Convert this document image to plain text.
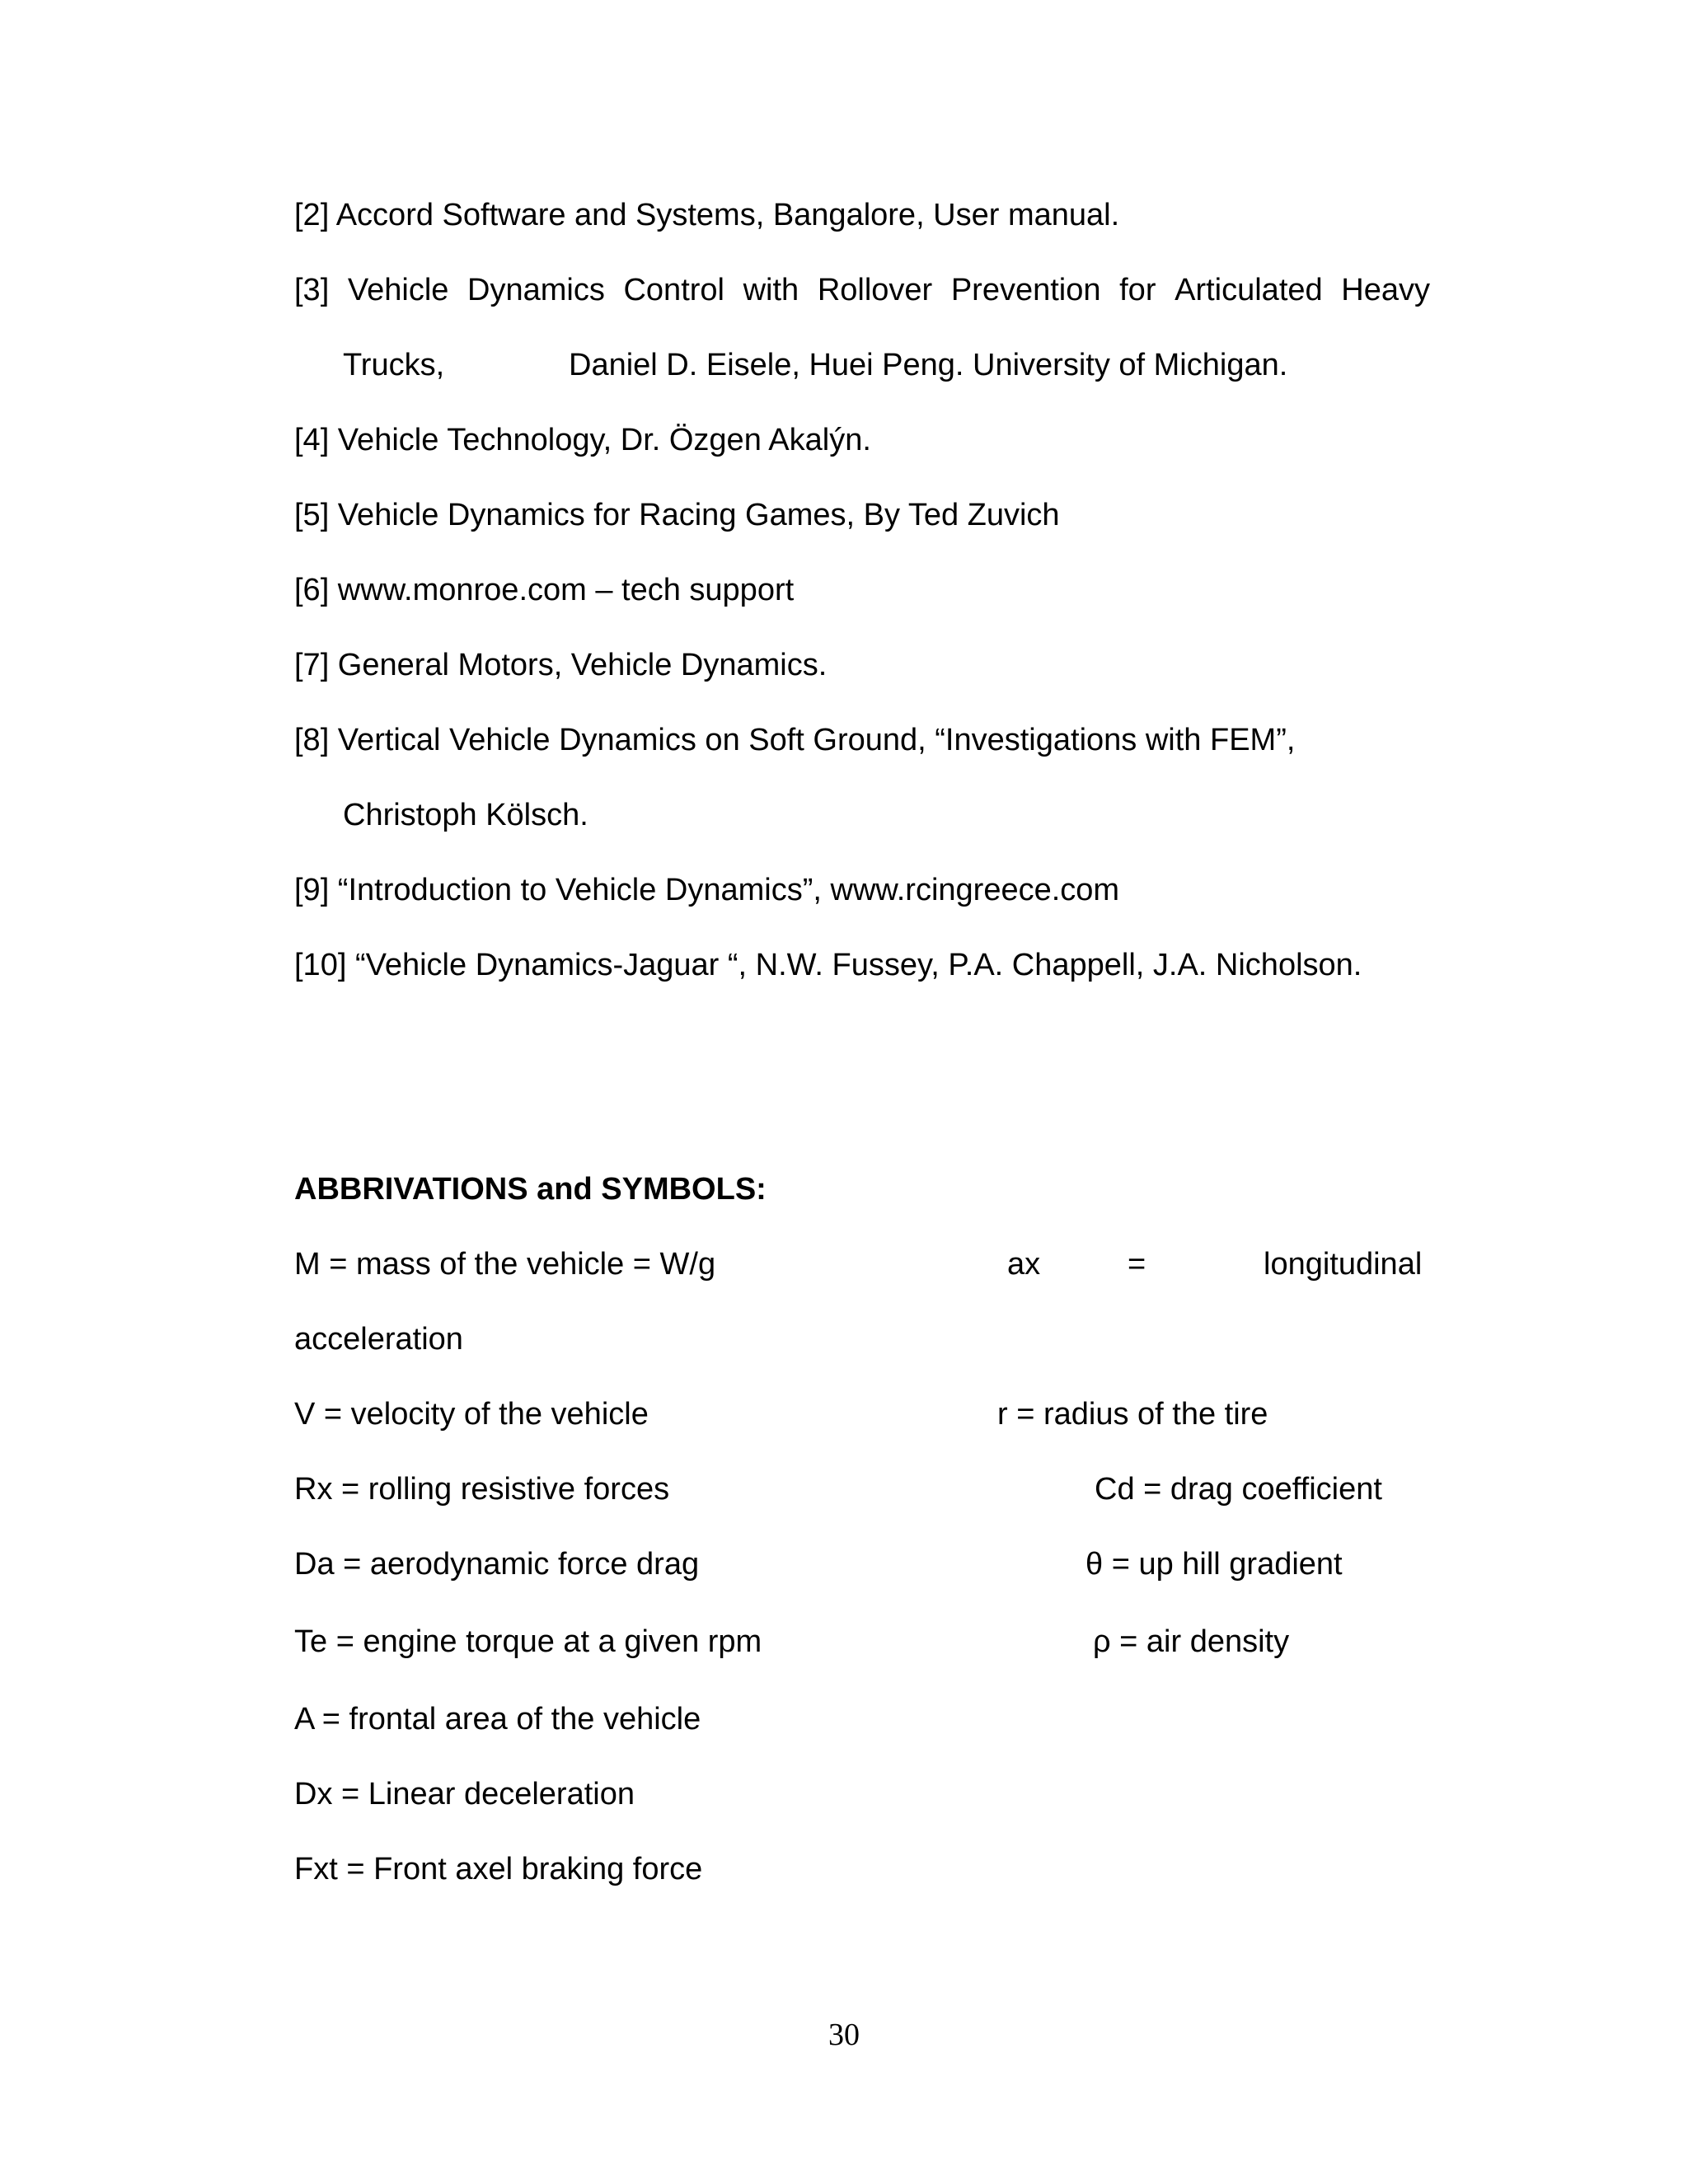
[2] Accord Software and Systems, Bangalore, User manual.
[3] Vehicle Dynamics Control with Rollover Prevention for Articulated Heavy
Trucks,	Daniel D. Eisele, Huei Peng. University of Michigan.
[4] Vehicle Technology, Dr. Özgen Akalýn.
[5] Vehicle Dynamics for Racing Games, By Ted Zuvich
[6] www.monroe.com – tech support
[7] General Motors, Vehicle Dynamics.
[8] Vertical Vehicle Dynamics on Soft Ground, “Investigations with FEM”,
Christoph Kölsch.
[9] “Introduction to Vehicle Dynamics”, www.rcingreece.com
[10] “Vehicle Dynamics-Jaguar “, N.W. Fussey, P.A. Chappell, J.A. Nicholson.
ABBRIVATIONS and SYMBOLS:
M = mass of the vehicle = W/g	ax	=	longitudinal
acceleration
V = velocity of the vehicle	r = radius of the tire
Rx = rolling resistive forces	Cd = drag coefficient
Da = aerodynamic force drag	θ = up hill gradient
Te = engine torque at a given rpm	ρ = air density
A = frontal area of the vehicle
Dx = Linear deceleration
Fxt = Front axel braking force
30
